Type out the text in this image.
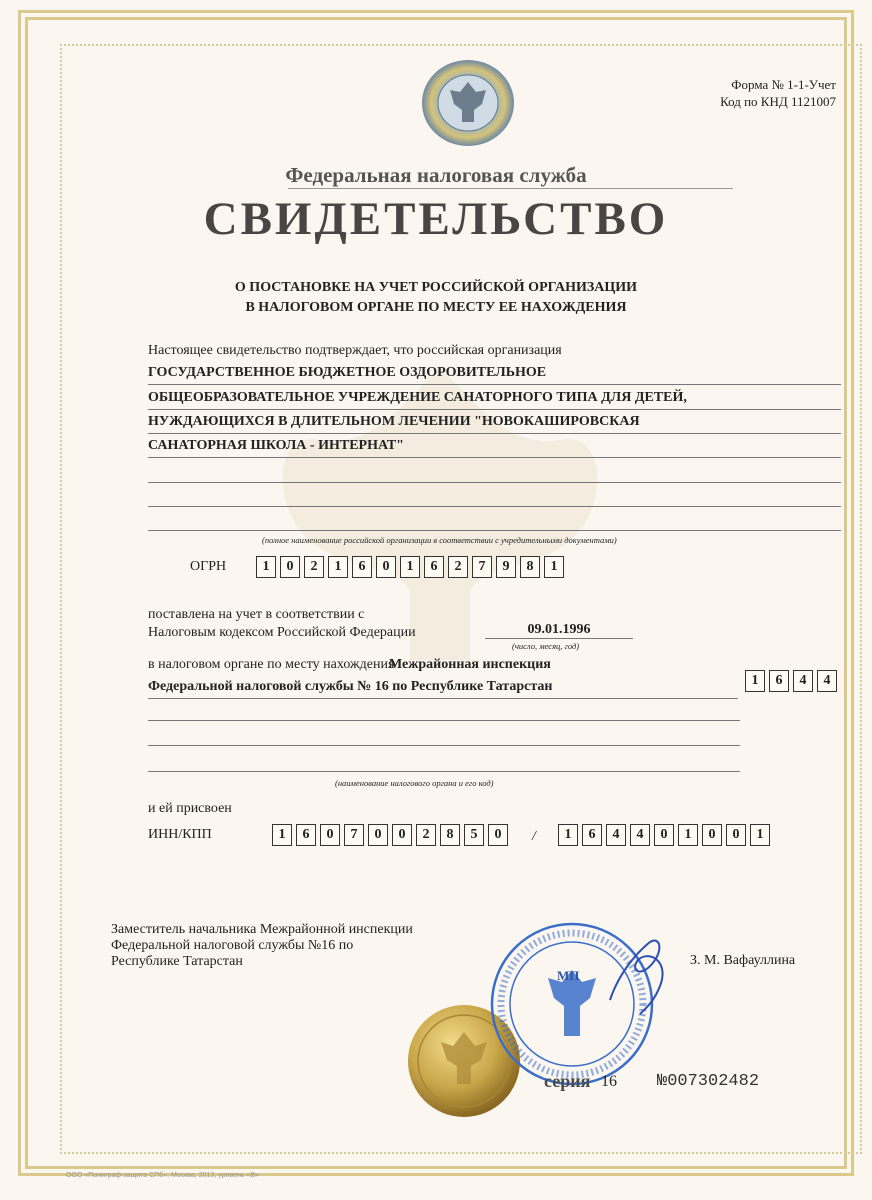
Форма № 1-1-Учет
Код по КНД 1121007
Федеральная налоговая служба
СВИДЕТЕЛЬСТВО
О ПОСТАНОВКЕ НА УЧЕТ РОССИЙСКОЙ ОРГАНИЗАЦИИ
В НАЛОГОВОМ ОРГАНЕ ПО МЕСТУ ЕЕ НАХОЖДЕНИЯ
Настоящее свидетельство подтверждает, что российская организация
ГОСУДАРСТВЕННОЕ БЮДЖЕТНОЕ ОЗДОРОВИТЕЛЬНОЕ
ОБЩЕОБРАЗОВАТЕЛЬНОЕ УЧРЕЖДЕНИЕ САНАТОРНОГО ТИПА ДЛЯ ДЕТЕЙ,
НУЖДАЮЩИХСЯ В ДЛИТЕЛЬНОМ ЛЕЧЕНИИ "НОВОКАШИРОВСКАЯ
САНАТОРНАЯ ШКОЛА - ИНТЕРНАТ"
(полное наименование российской организации в соответствии с учредительными документами)
ОГРН	1	0	2	1	6	0	1	6	2	7	9	8	1
поставлена на учет в соответствии с
Налоговым кодексом Российской Федерации	09.01.1996
(число, месяц, год)
в налоговом органе по месту нахождения
Межрайонная инспекция
Федеральной налоговой службы № 16 по Республике Татарстан	1	6	4	4
(наименование налогового органа и его код)
и ей присвоен
ИНН/КПП	1	6	0	7	0	0	2	8	5	0	/	1	6	4	4	0	1	0	0	1
Заместитель начальника Межрайонной инспекции
Федеральной налоговой службы №16 по
Республике Татарстан	З. М. Вафауллина
МП
серия 16 №007302482
ООО «Полиграф-защита СПб», Москва, 2013, уровень «В»
